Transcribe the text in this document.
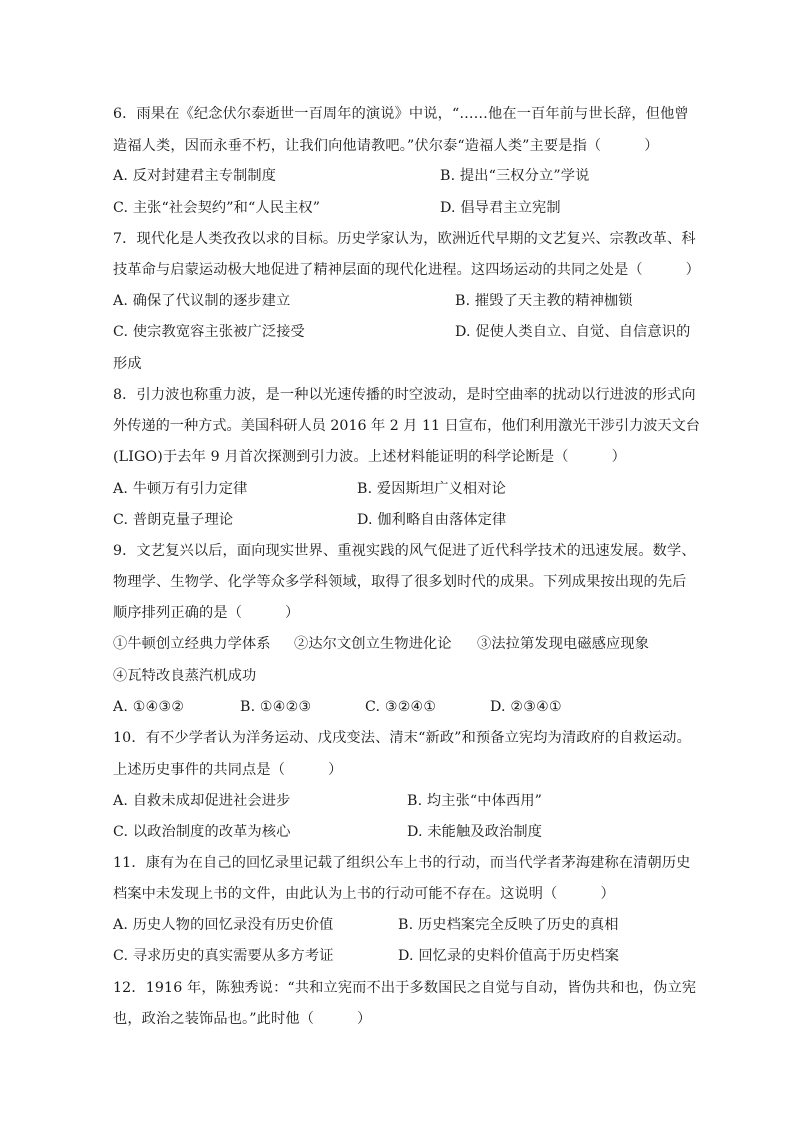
6．雨果在《纪念伏尔泰逝世一百周年的演说》中说，“……他在一百年前与世长辞，但他曾
造福人类，因而永垂不朽，让我们向他请教吧。”伏尔泰“造福人类”主要是指（　　　）
A. 反对封建君主专制制度	B. 提出“三权分立”学说
C. 主张“社会契约”和“人民主权”	D. 倡导君主立宪制
7．现代化是人类孜孜以求的目标。历史学家认为，欧洲近代早期的文艺复兴、宗教改革、科
技革命与启蒙运动极大地促进了精神层面的现代化进程。这四场运动的共同之处是（　　　）
A. 确保了代议制的逐步建立	B. 摧毁了天主教的精神枷锁
C. 使宗教宽容主张被广泛接受	D. 促使人类自立、自觉、自信意识的
形成
8．引力波也称重力波，是一种以光速传播的时空波动，是时空曲率的扰动以行进波的形式向
外传递的一种方式。美国科研人员 2016 年 2 月 11 日宣布，他们利用激光干涉引力波天文台
(LIGO)于去年 9 月首次探测到引力波。上述材料能证明的科学论断是（　　　）
A. 牛顿万有引力定律	B. 爱因斯坦广义相对论
C. 普朗克量子理论	D. 伽利略自由落体定律
9．文艺复兴以后，面向现实世界、重视实践的风气促进了近代科学技术的迅速发展。数学、
物理学、生物学、化学等众多学科领域，取得了很多划时代的成果。下列成果按出现的先后
顺序排列正确的是（　　　）
①牛顿创立经典力学体系 ②达尔文创立生物进化论 ③法拉第发现电磁感应现象
④瓦特改良蒸汽机成功
A. ①④③②	B. ①④②③	C. ③②④①	D. ②③④①
10．有不少学者认为洋务运动、戊戌变法、清末“新政”和预备立宪均为清政府的自救运动。
上述历史事件的共同点是（　　　）
A. 自救未成却促进社会进步	B. 均主张“中体西用”
C. 以政治制度的改革为核心	D. 未能触及政治制度
11．康有为在自己的回忆录里记载了组织公车上书的行动，而当代学者茅海建称在清朝历史
档案中未发现上书的文件，由此认为上书的行动可能不存在。这说明（　　　）
A. 历史人物的回忆录没有历史价值	B. 历史档案完全反映了历史的真相
C. 寻求历史的真实需要从多方考证	D. 回忆录的史料价值高于历史档案
12．1916 年，陈独秀说：“共和立宪而不出于多数国民之自觉与自动，皆伪共和也，伪立宪
也，政治之装饰品也。”此时他（　　　）
